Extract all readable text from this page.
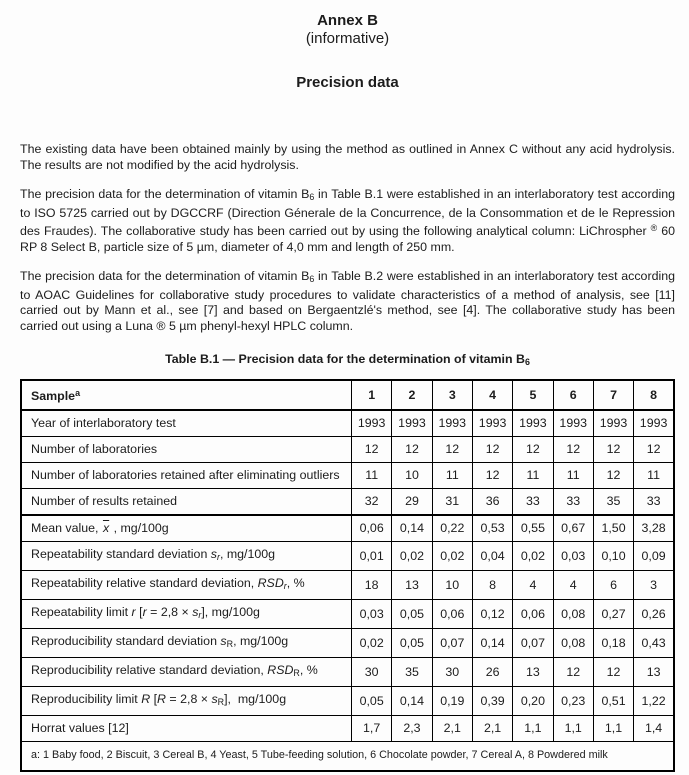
Annex B
(informative)
Precision data

The existing data have been obtained mainly by using the method as outlined in Annex C without any acid hydrolysis. The results are not modified by the acid hydrolysis.

The precision data for the determination of vitamin B6 in Table B.1 were established in an interlaboratory test according to ISO 5725 carried out by DGCCRF (Direction Génerale de la Concurrence, de la Consommation et de le Repression des Fraudes). The collaborative study has been carried out by using the following analytical column: LiChrospher ® 60 RP 8 Select B, particle size of 5 µm, diameter of 4,0 mm and length of 250 mm.

The precision data for the determination of vitamin B6 in Table B.2 were established in an interlaboratory test according to AOAC Guidelines for collaborative study procedures to validate characteristics of a method of analysis, see [11] carried out by Mann et al., see [7] and based on Bergaentzlé's method, see [4]. The collaborative study has been carried out using a Luna ® 5 µm phenyl-hexyl HPLC column.

Table B.1 — Precision data for the determination of vitamin B6
Sample$^a$	1	2	3	4	5	6	7	8
Year of interlaboratory test	1993	1993	1993	1993	1993	1993	1993	1993
Number of laboratories	12	12	12	12	12	12	12	12
Number of laboratories retained after eliminating outliers	11	10	11	12	11	11	12	11
Number of results retained	32	29	31	36	33	33	35	33
Mean value, $\overline{x}$ , mg/100g	0,06	0,14	0,22	0,53	0,55	0,67	1,50	3,28
Repeatability standard deviation sr, mg/100g	0,01	0,02	0,02	0,04	0,02	0,03	0,10	0,09
Repeatability relative standard deviation, RSDr, %	18	13	10	8	4	4	6	3
Repeatability limit r [r = 2,8 × sr], mg/100g	0,03	0,05	0,06	0,12	0,06	0,08	0,27	0,26
Reproducibility standard deviation sR, mg/100g	0,02	0,05	0,07	0,14	0,07	0,08	0,18	0,43
Reproducibility relative standard deviation, RSDR, %	30	35	30	26	13	12	12	13
Reproducibility limit R [R = 2,8 × sR],  mg/100g	0,05	0,14	0,19	0,39	0,20	0,23	0,51	1,22
Horrat values [12]	1,7	2,3	2,1	2,1	1,1	1,1	1,1	1,4
a: 1 Baby food, 2 Biscuit, 3 Cereal B, 4 Yeast, 5 Tube-feeding solution, 6 Chocolate powder, 7 Cereal A, 8 Powdered milk								
